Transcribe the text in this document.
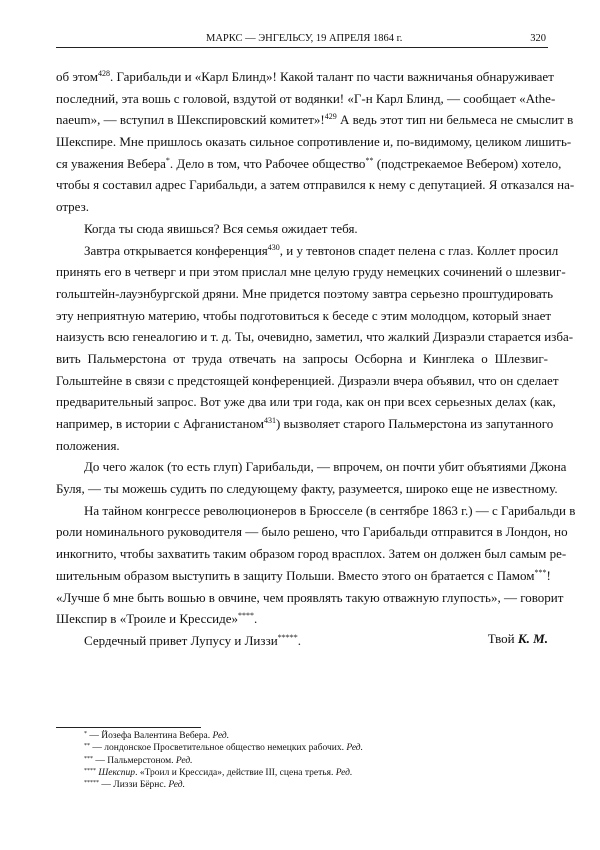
МАРКС — ЭНГЕЛЬСУ, 19 АПРЕЛЯ 1864 г.	320
об этом$^{428}$. Гарибальди и «Карл Блинд»! Какой талант по части важничанья обнаруживает
последний, эта вошь с головой, вздутой от водянки! «Г-н Карл Блинд, — сообщает «Athe-
naeum», — вступил в Шекспировский комитет»!$^{429}$ А ведь этот тип ни бельмеса не смыслит в
Шекспире. Мне пришлось оказать сильное сопротивление и, по-видимому, целиком лишить-
ся уважения Вебера*. Дело в том, что Рабочее общество** (подстрекаемое Вебером) хотело,
чтобы я составил адрес Гарибальди, а затем отправился к нему с депутацией. Я отказался на-
отрез.
Когда ты сюда явишься? Вся семья ожидает тебя.
Завтра открывается конференция$^{430}$, и у тевтонов спадет пелена с глаз. Коллет просил
принять его в четверг и при этом прислал мне целую груду немецких сочинений о шлезвиг-
гольштейн-лауэнбургской дряни. Мне придется поэтому завтра серьезно проштудировать
эту неприятную материю, чтобы подготовиться к беседе с этим молодцом, который знает
наизусть всю генеалогию и т. д. Ты, очевидно, заметил, что жалкий Дизраэли старается изба-
вить Пальмерстона от труда отвечать на запросы Осборна и Кинглека о Шлезвиг-
Гольштейне в связи с предстоящей конференцией. Дизраэли вчера объявил, что он сделает
предварительный запрос. Вот уже два или три года, как он при всех серьезных делах (как,
например, в истории с Афганистаном$^{431}$) вызволяет старого Пальмерстона из запутанного
положения.
До чего жалок (то есть глуп) Гарибальди, — впрочем, он почти убит объятиями Джона
Буля, — ты можешь судить по следующему факту, разумеется, широко еще не известному.
На тайном конгрессе революционеров в Брюсселе (в сентябре 1863 г.) — с Гарибальди в
роли номинального руководителя — было решено, что Гарибальди отправится в Лондон, но
инкогнито, чтобы захватить таким образом город врасплох. Затем он должен был самым ре-
шительным образом выступить в защиту Польши. Вместо этого он братается с Памом***!
«Лучше б мне быть вошью в овчине, чем проявлять такую отважную глупость», — говорит
Шекспир в «Троиле и Крессиде»****.
Сердечный привет Лупусу и Лиззи*****.	Твой К. М.
* — Йозефа Валентина Вебера. Ред.
** — лондонское Просветительное общество немецких рабочих. Ред.
*** — Пальмерстоном. Ред.
**** Шекспир. «Троил и Крессида», действие III, сцена третья. Ред.
***** — Лиззи Бёрнс. Ред.
